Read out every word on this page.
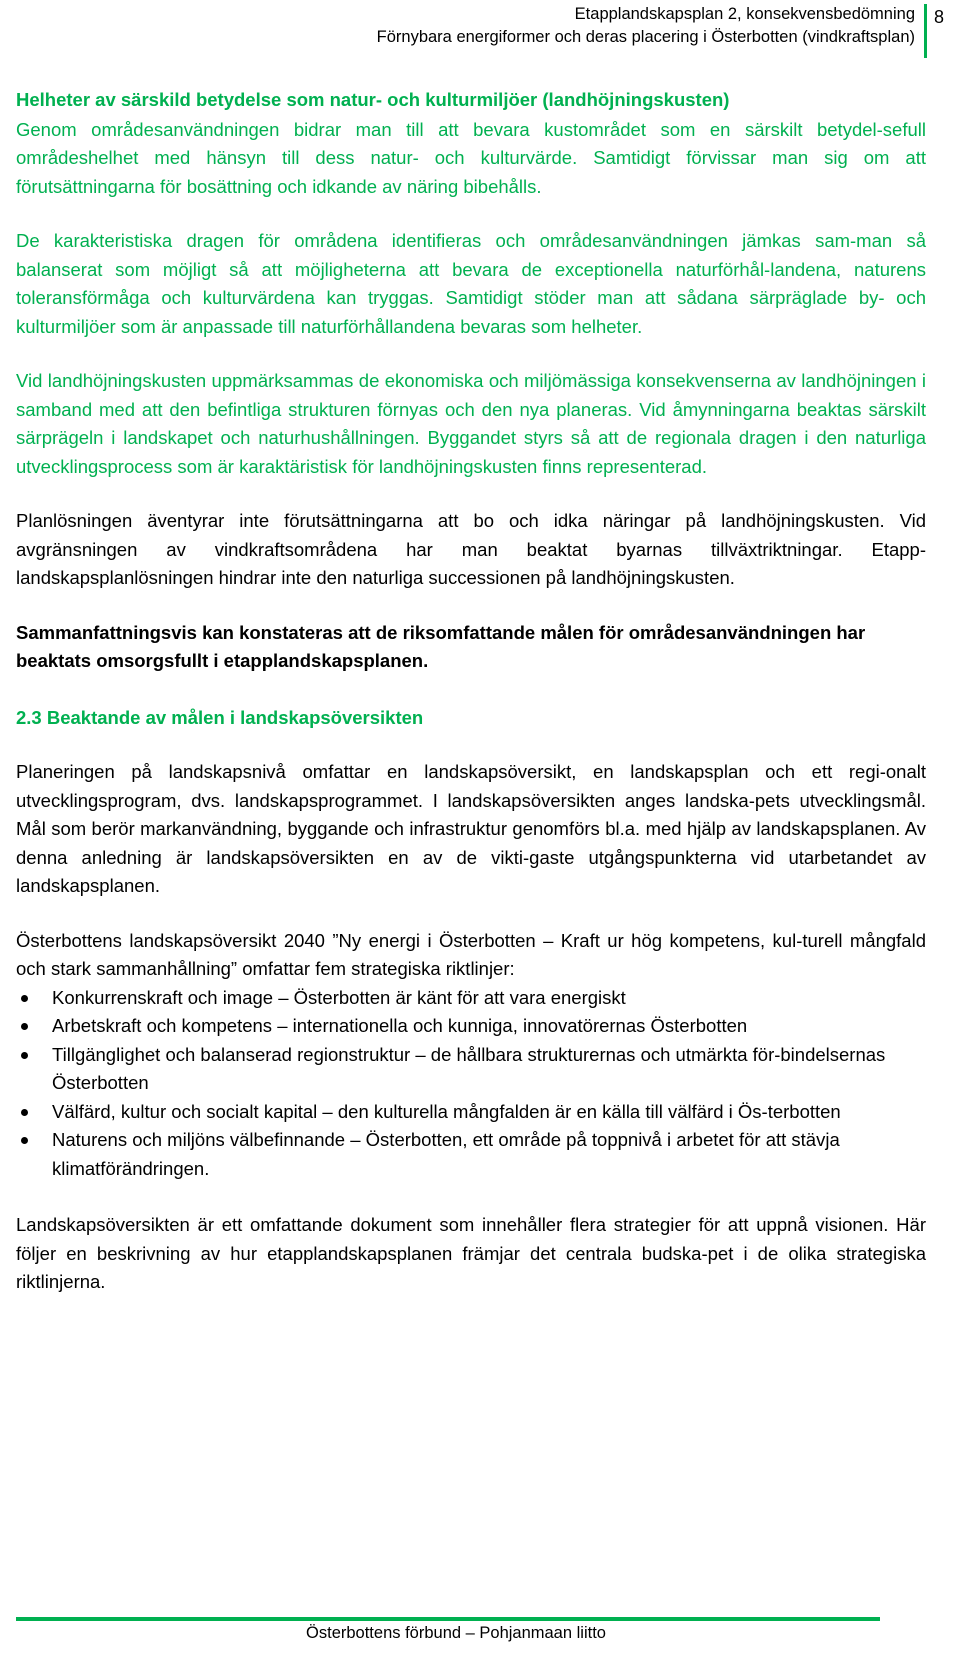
Etapplandskapsplan 2, konsekvensbedömning
Förnybara energiformer och deras placering i Österbotten (vindkraftsplan)
8
Helheter av särskild betydelse som natur- och kulturmiljöer (landhöjningskusten)

Genom områdesanvändningen bidrar man till att bevara kustområdet som en särskilt betydel-sefull områdeshelhet med hänsyn till dess natur- och kulturvärde. Samtidigt förvissar man sig om att förutsättningarna för bosättning och idkande av näring bibehålls.

De karakteristiska dragen för områdena identifieras och områdesanvändningen jämkas sam-man så balanserat som möjligt så att möjligheterna att bevara de exceptionella naturförhål-landena, naturens toleransförmåga och kulturvärdena kan tryggas. Samtidigt stöder man att sådana särpräglade by- och kulturmiljöer som är anpassade till naturförhållandena bevaras som helheter.

Vid landhöjningskusten uppmärksammas de ekonomiska och miljömässiga konsekvenserna av landhöjningen i samband med att den befintliga strukturen förnyas och den nya planeras. Vid åmynningarna beaktas särskilt särprägeln i landskapet och naturhushållningen. Byggandet styrs så att de regionala dragen i den naturliga utvecklingsprocess som är karaktäristisk för landhöjningskusten finns representerad.

Planlösningen äventyrar inte förutsättningarna att bo och idka näringar på landhöjningskusten. Vid avgränsningen av vindkraftsområdena har man beaktat byarnas tillväxtriktningar. Etapp-landskapsplanlösningen hindrar inte den naturliga successionen på landhöjningskusten.

Sammanfattningsvis kan konstateras att de riksomfattande målen för områdesanvändningen har beaktats omsorgsfullt i etapplandskapsplanen.

2.3 Beaktande av målen i landskapsöversikten

Planeringen på landskapsnivå omfattar en landskapsöversikt, en landskapsplan och ett regi-onalt utvecklingsprogram, dvs. landskapsprogrammet. I landskapsöversikten anges landska-pets utvecklingsmål. Mål som berör markanvändning, byggande och infrastruktur genomförs bl.a. med hjälp av landskapsplanen. Av denna anledning är landskapsöversikten en av de vikti-gaste utgångspunkterna vid utarbetandet av landskapsplanen.

Österbottens landskapsöversikt 2040 ”Ny energi i Österbotten – Kraft ur hög kompetens, kul-turell mångfald och stark sammanhållning” omfattar fem strategiska riktlinjer:

Konkurrenskraft och image – Österbotten är känt för att vara energiskt
Arbetskraft och kompetens – internationella och kunniga, innovatörernas Österbotten
Tillgänglighet och balanserad regionstruktur – de hållbara strukturernas och utmärkta för-bindelsernas Österbotten
Välfärd, kultur och socialt kapital – den kulturella mångfalden är en källa till välfärd i Ös-terbotten
Naturens och miljöns välbefinnande – Österbotten, ett område på toppnivå i arbetet för att stävja klimatförändringen.

Landskapsöversikten är ett omfattande dokument som innehåller flera strategier för att uppnå visionen. Här följer en beskrivning av hur etapplandskapsplanen främjar det centrala budska-pet i de olika strategiska riktlinjerna.

Österbottens förbund – Pohjanmaan liitto
